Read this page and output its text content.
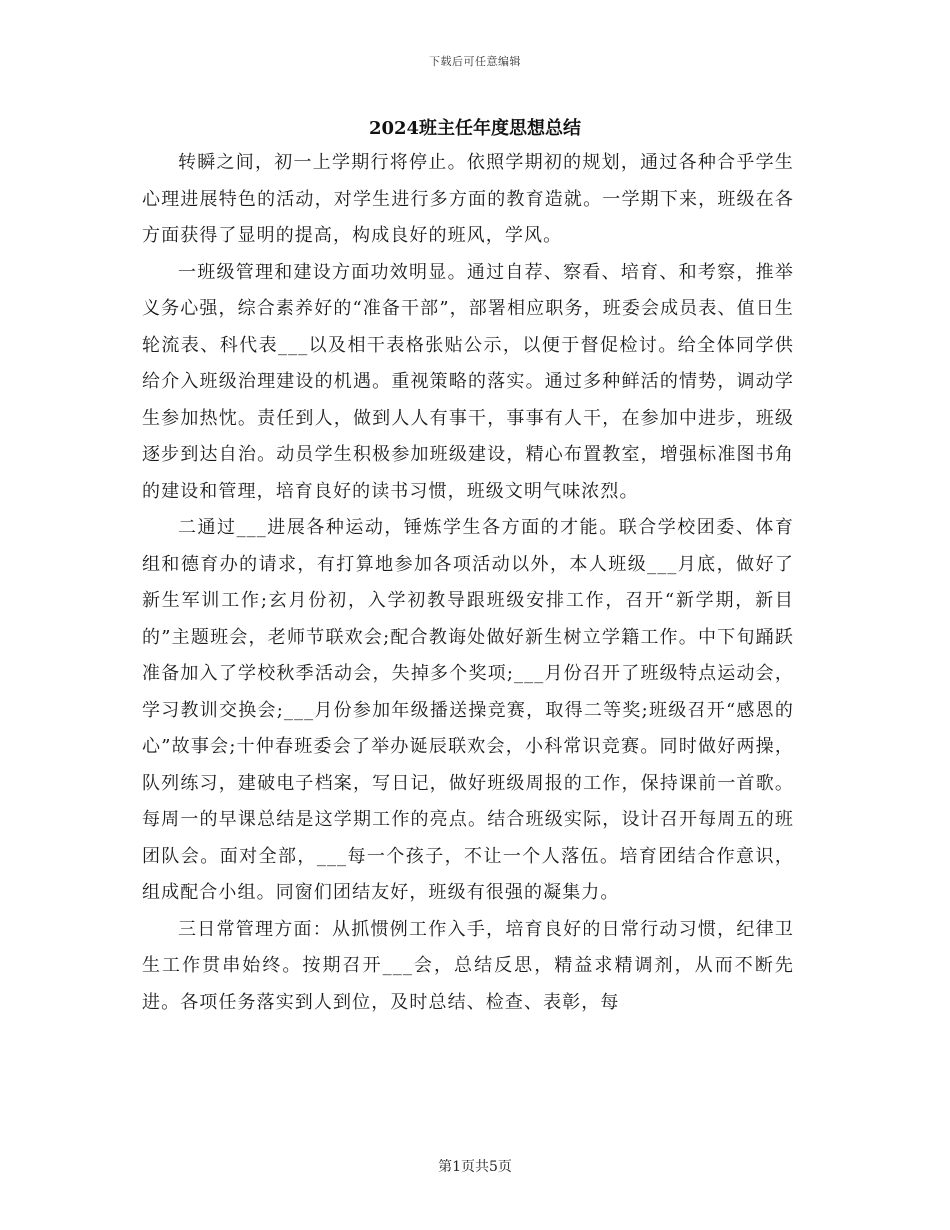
下载后可任意编辑
2024班主任年度思想总结

转瞬之间，初一上学期行将停止。依照学期初的规划，通过各种合乎学生心理进展特色的活动，对学生进行多方面的教育造就。一学期下来，班级在各方面获得了显明的提高，构成良好的班风，学风。

一班级管理和建设方面功效明显。通过自荐、察看、培育、和考察，推举义务心强，综合素养好的“准备干部”，部署相应职务，班委会成员表、值日生轮流表、科代表___以及相干表格张贴公示，以便于督促检讨。给全体同学供给介入班级治理建设的机遇。重视策略的落实。通过多种鲜活的情势，调动学生参加热忱。责任到人，做到人人有事干，事事有人干，在参加中进步，班级逐步到达自治。动员学生积极参加班级建设，精心布置教室，增强标准图书角的建设和管理，培育良好的读书习惯，班级文明气味浓烈。

二通过___进展各种运动，锤炼学生各方面的才能。联合学校团委、体育组和德育办的请求，有打算地参加各项活动以外，本人班级___月底，做好了新生军训工作;玄月份初，入学初教导跟班级安排工作，召开“新学期，新目的”主题班会，老师节联欢会;配合教诲处做好新生树立学籍工作。中下旬踊跃准备加入了学校秋季活动会，失掉多个奖项;___月份召开了班级特点运动会，学习教训交换会;___月份参加年级播送操竞赛，取得二等奖;班级召开“感恩的心”故事会;十仲春班委会了举办诞辰联欢会，小科常识竞赛。同时做好两操，队列练习，建破电子档案，写日记，做好班级周报的工作，保持课前一首歌。每周一的早课总结是这学期工作的亮点。结合班级实际，设计召开每周五的班团队会。面对全部，___每一个孩子，不让一个人落伍。培育团结合作意识，组成配合小组。同窗们团结友好，班级有很强的凝集力。

三日常管理方面：从抓惯例工作入手，培育良好的日常行动习惯，纪律卫生工作贯串始终。按期召开___会，总结反思，精益求精调剂，从而不断先进。各项任务落实到人到位，及时总结、检查、表彰，每

第1页共5页
